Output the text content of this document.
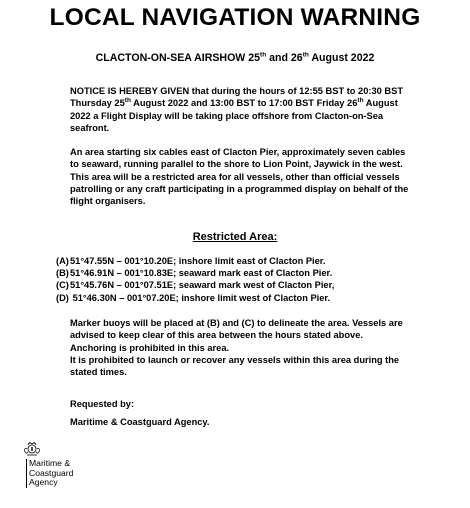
LOCAL NAVIGATION WARNING
CLACTON-ON-SEA AIRSHOW 25th and 26th August 2022
NOTICE IS HEREBY GIVEN that during the hours of 12:55 BST to 20:30 BST Thursday 25th August 2022 and 13:00 BST to 17:00 BST Friday 26th August 2022 a Flight Display will be taking place offshore from Clacton-on-Sea seafront.
An area starting six cables east of Clacton Pier, approximately seven cables to seaward, running parallel to the shore to Lion Point, Jaywick in the west.
This area will be a restricted area for all vessels, other than official vessels patrolling or any craft participating in a programmed display on behalf of the flight organisers.
Restricted Area:
(A) 51°47.55N – 001°10.20E; inshore limit east of Clacton Pier.
(B) 51°46.91N – 001°10.83E; seaward mark east of Clacton Pier.
(C) 51°45.76N – 001°07.51E; seaward mark west of Clacton Pier,
(D) 51°46.30N – 001°07.20E; inshore limit west of Clacton Pier.
Marker buoys will be placed at (B) and (C) to delineate the area. Vessels are advised to keep clear of this area between the hours stated above.
Anchoring is prohibited in this area.
It is prohibited to launch or recover any vessels within this area during the stated times.
Requested by:
Maritime & Coastguard Agency.
Maritime &
Coastguard
Agency
